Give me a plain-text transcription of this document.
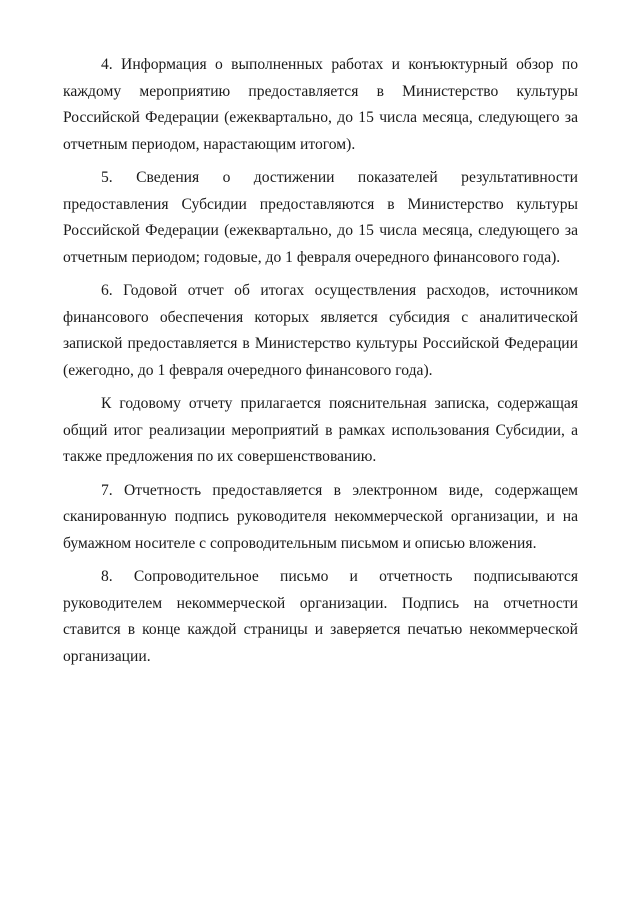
4. Информация о выполненных работах и конъюктурный обзор по каждому мероприятию предоставляется в Министерство культуры Российской Федерации (ежеквартально, до 15 числа месяца, следующего за отчетным периодом, нарастающим итогом).

5. Сведения о достижении показателей результативности предоставления Субсидии предоставляются в Министерство культуры Российской Федерации (ежеквартально, до 15 числа месяца, следующего за отчетным периодом; годовые, до 1 февраля очередного финансового года).

6. Годовой отчет об итогах осуществления расходов, источником финансового обеспечения которых является субсидия с аналитической запиской предоставляется в Министерство культуры Российской Федерации (ежегодно, до 1 февраля очередного финансового года).

К годовому отчету прилагается пояснительная записка, содержащая общий итог реализации мероприятий в рамках использования Субсидии, а также предложения по их совершенствованию.

7. Отчетность предоставляется в электронном виде, содержащем сканированную подпись руководителя некоммерческой организации, и на бумажном носителе с сопроводительным письмом и описью вложения.

8. Сопроводительное письмо и отчетность подписываются руководителем некоммерческой организации. Подпись на отчетности ставится в конце каждой страницы и заверяется печатью некоммерческой организации.
